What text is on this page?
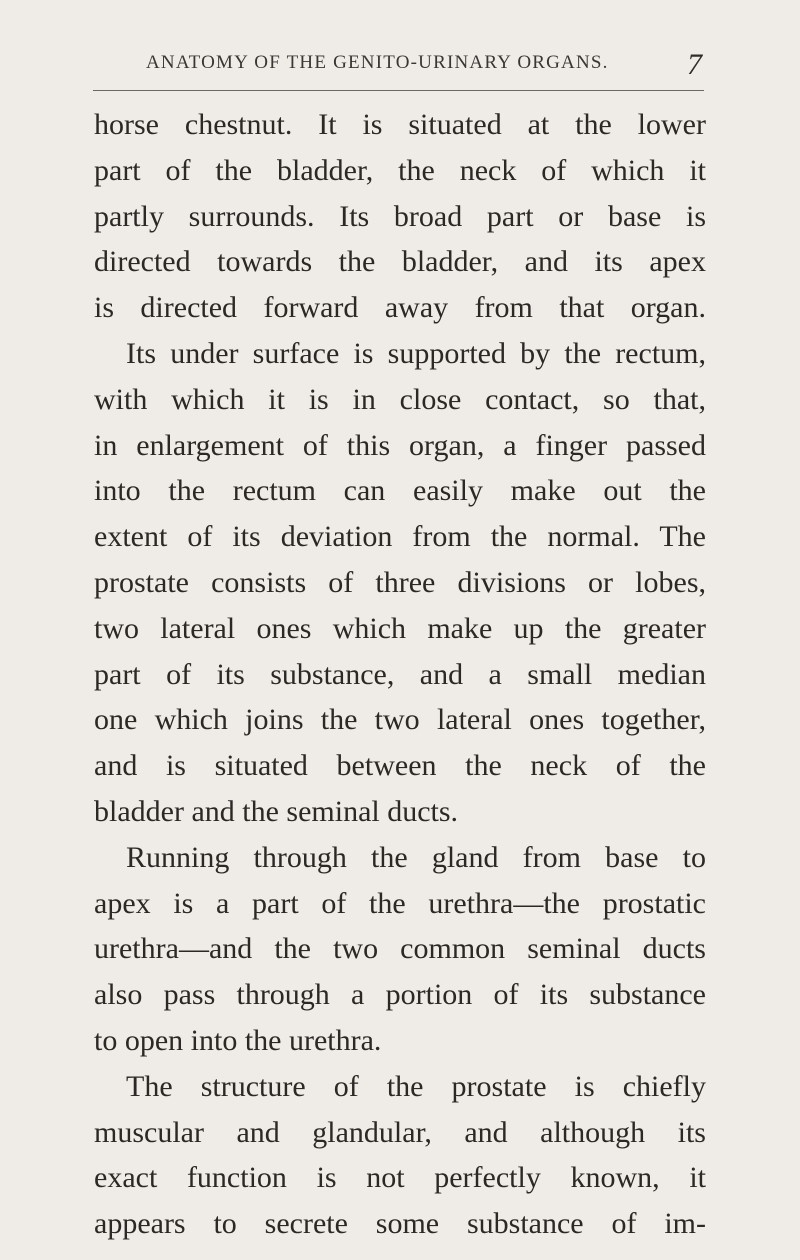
ANATOMY OF THE GENITO-URINARY ORGANS.	7
horse chestnut. It is situated at the lower
part of the bladder, the neck of which it
partly surrounds. Its broad part or base is
directed towards the bladder, and its apex
is directed forward away from that organ.
Its under surface is supported by the rectum,
with which it is in close contact, so that,
in enlargement of this organ, a finger passed
into the rectum can easily make out the
extent of its deviation from the normal. The
prostate consists of three divisions or lobes,
two lateral ones which make up the greater
part of its substance, and a small median
one which joins the two lateral ones together,
and is situated between the neck of the
bladder and the seminal ducts.
Running through the gland from base to
apex is a part of the urethra—the prostatic
urethra—and the two common seminal ducts
also pass through a portion of its substance
to open into the urethra.
The structure of the prostate is chiefly
muscular and glandular, and although its
exact function is not perfectly known, it
appears to secrete some substance of im-
